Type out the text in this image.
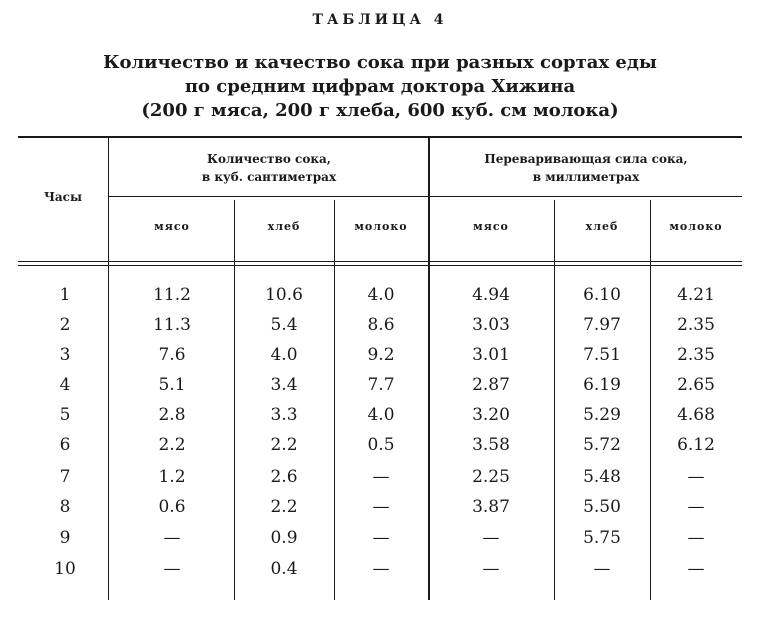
ТАБЛИЦА 4
Количество и качество сока при разных сортах еды
по средним цифрам доктора Хижина
(200 г мяса, 200 г хлеба, 600 куб. см молока)
Часы
Количество сока,
в куб. сантиметрах
Переваривающая сила сока,
в миллиметрах
мясо	хлеб	молоко	мясо	хлеб	молоко
1	11.2	10.6	4.0	4.94	6.10	4.21
2	11.3	5.4	8.6	3.03	7.97	2.35
3	7.6	4.0	9.2	3.01	7.51	2.35
4	5.1	3.4	7.7	2.87	6.19	2.65
5	2.8	3.3	4.0	3.20	5.29	4.68
6	2.2	2.2	0.5	3.58	5.72	6.12
7	1.2	2.6	—	2.25	5.48	—
8	0.6	2.2	—	3.87	5.50	—
9	—	0.9	—	—	5.75	—
10	—	0.4	—	—	—	—
